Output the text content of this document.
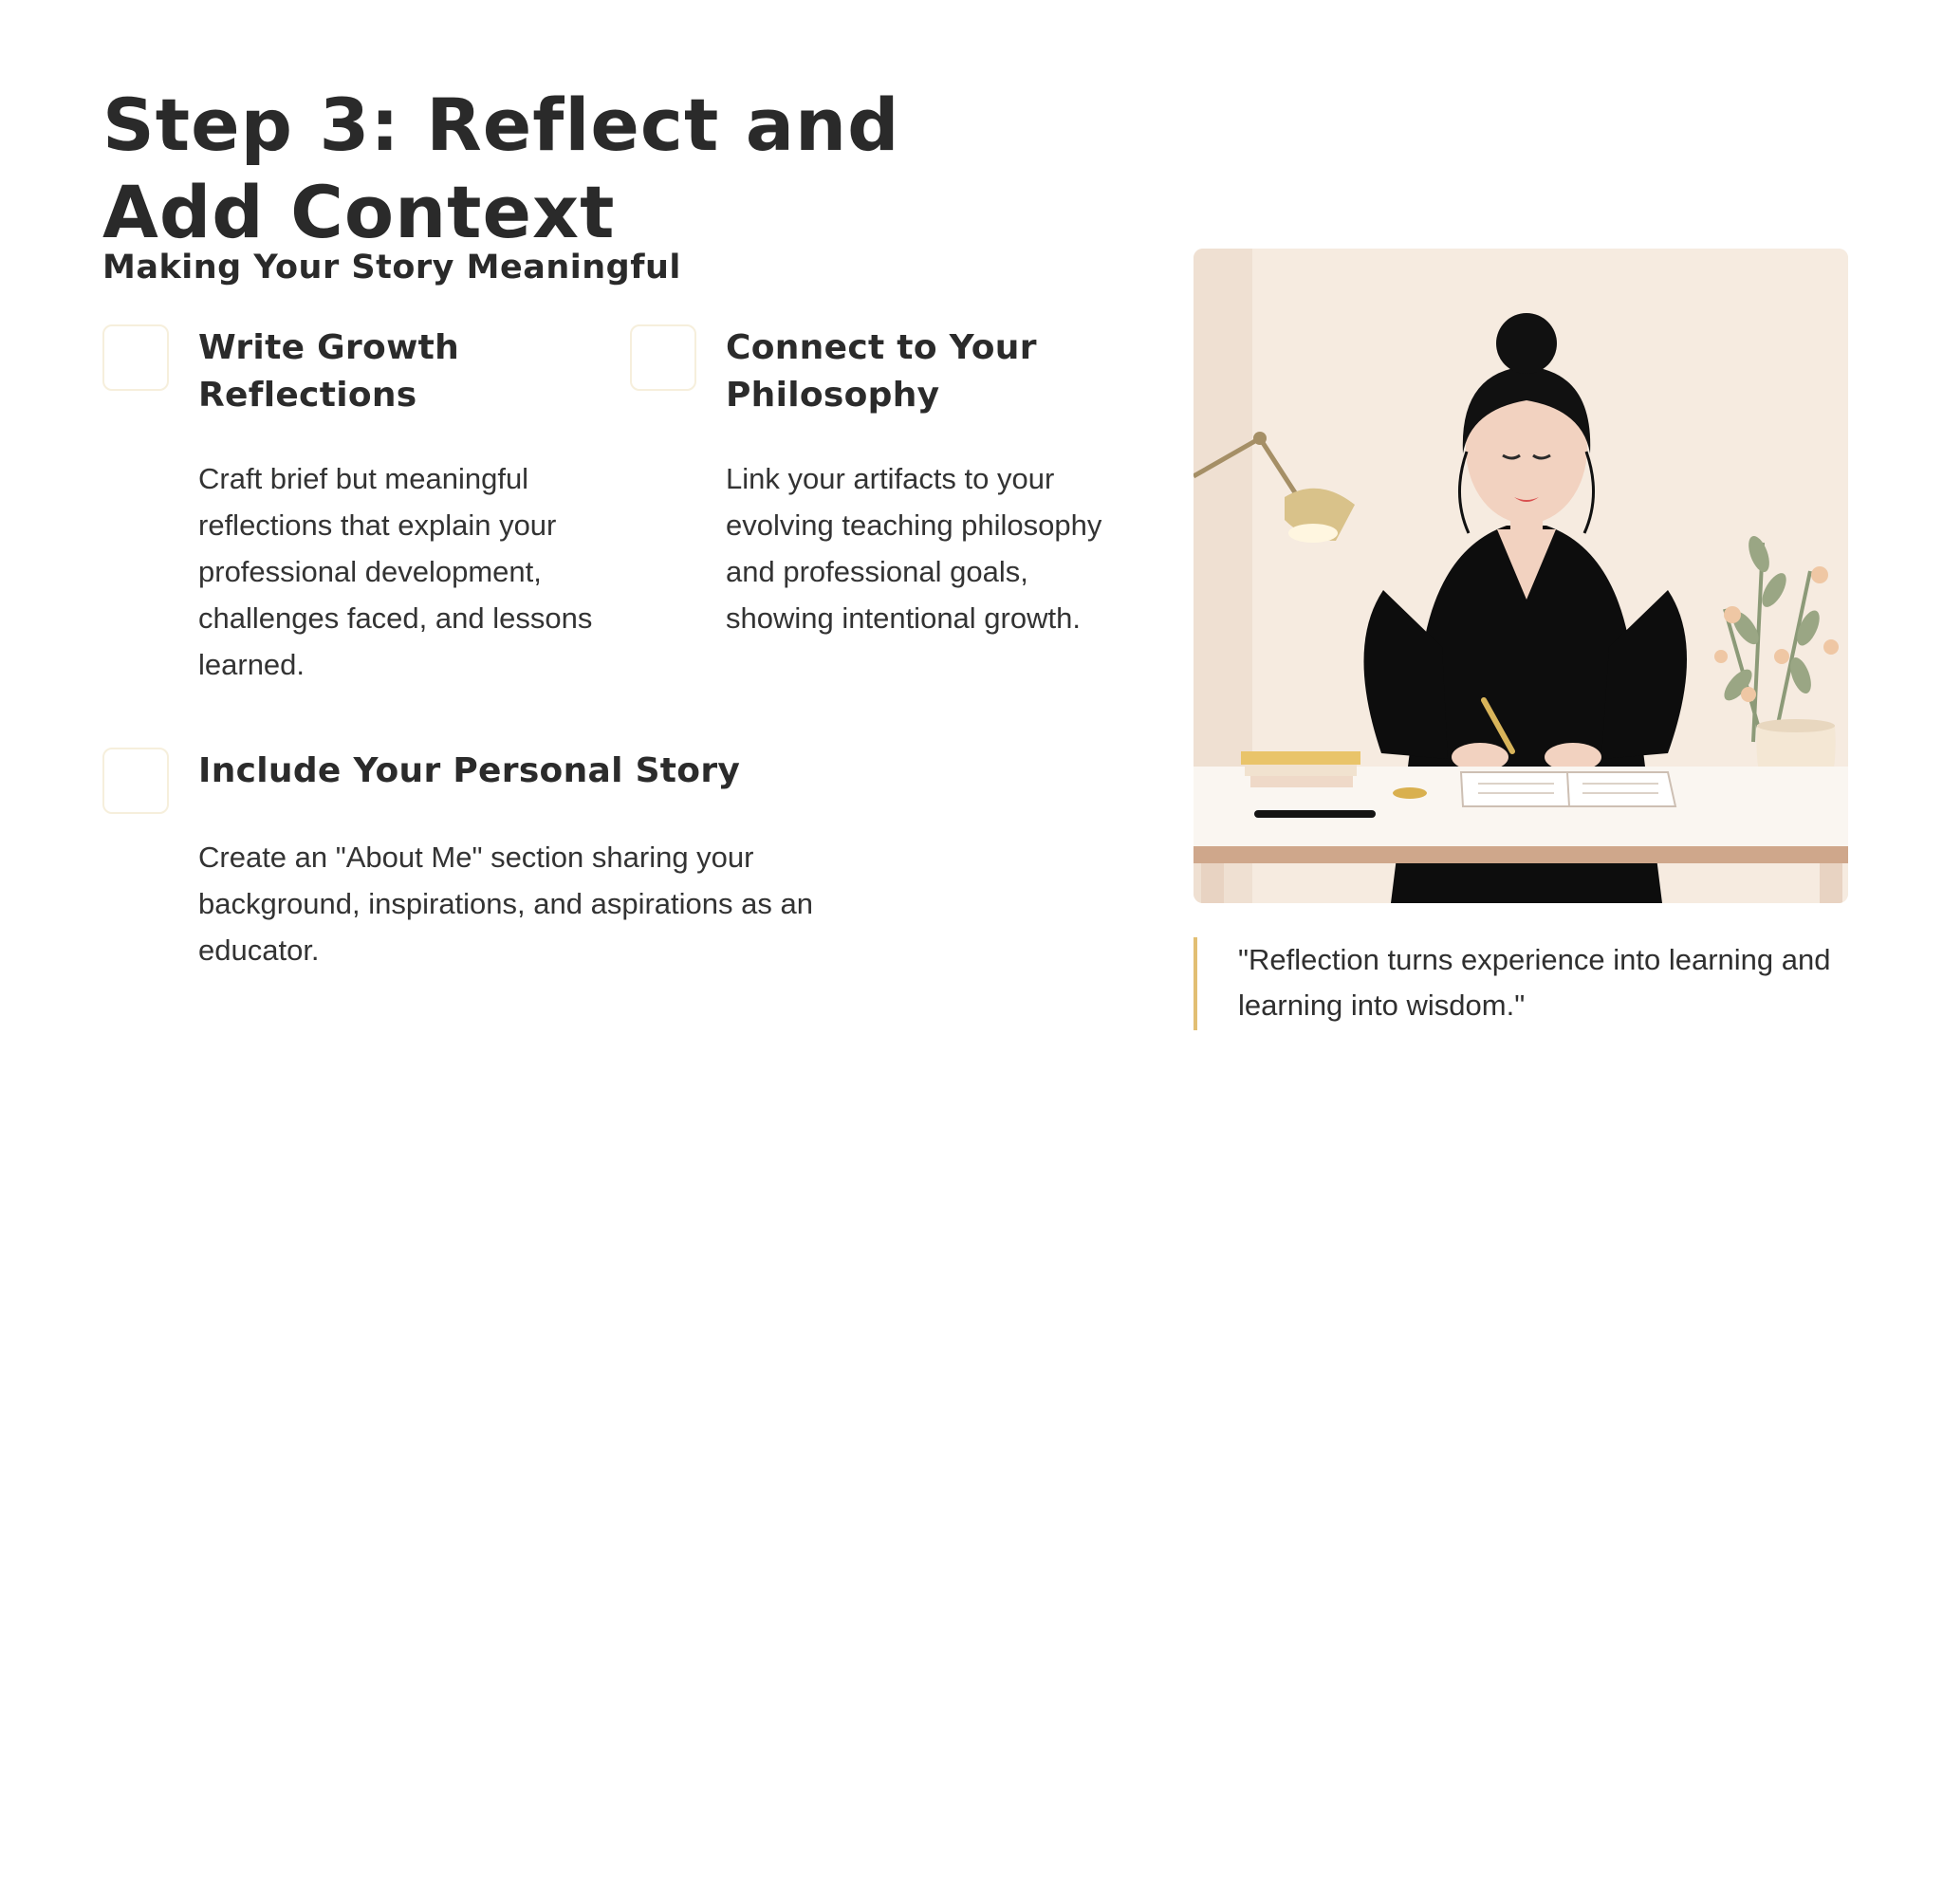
Step 3: Reflect and Add Context
Making Your Story Meaningful
Write Growth Reflections
Craft brief but meaningful reflections that explain your professional development, challenges faced, and lessons learned.
Connect to Your Philosophy
Link your artifacts to your evolving teaching philosophy and professional goals, showing intentional growth.
Include Your Personal Story
Create an "About Me" section sharing your background, inspirations, and aspirations as an educator.	"Reflection turns experience into learning and learning into wisdom."
